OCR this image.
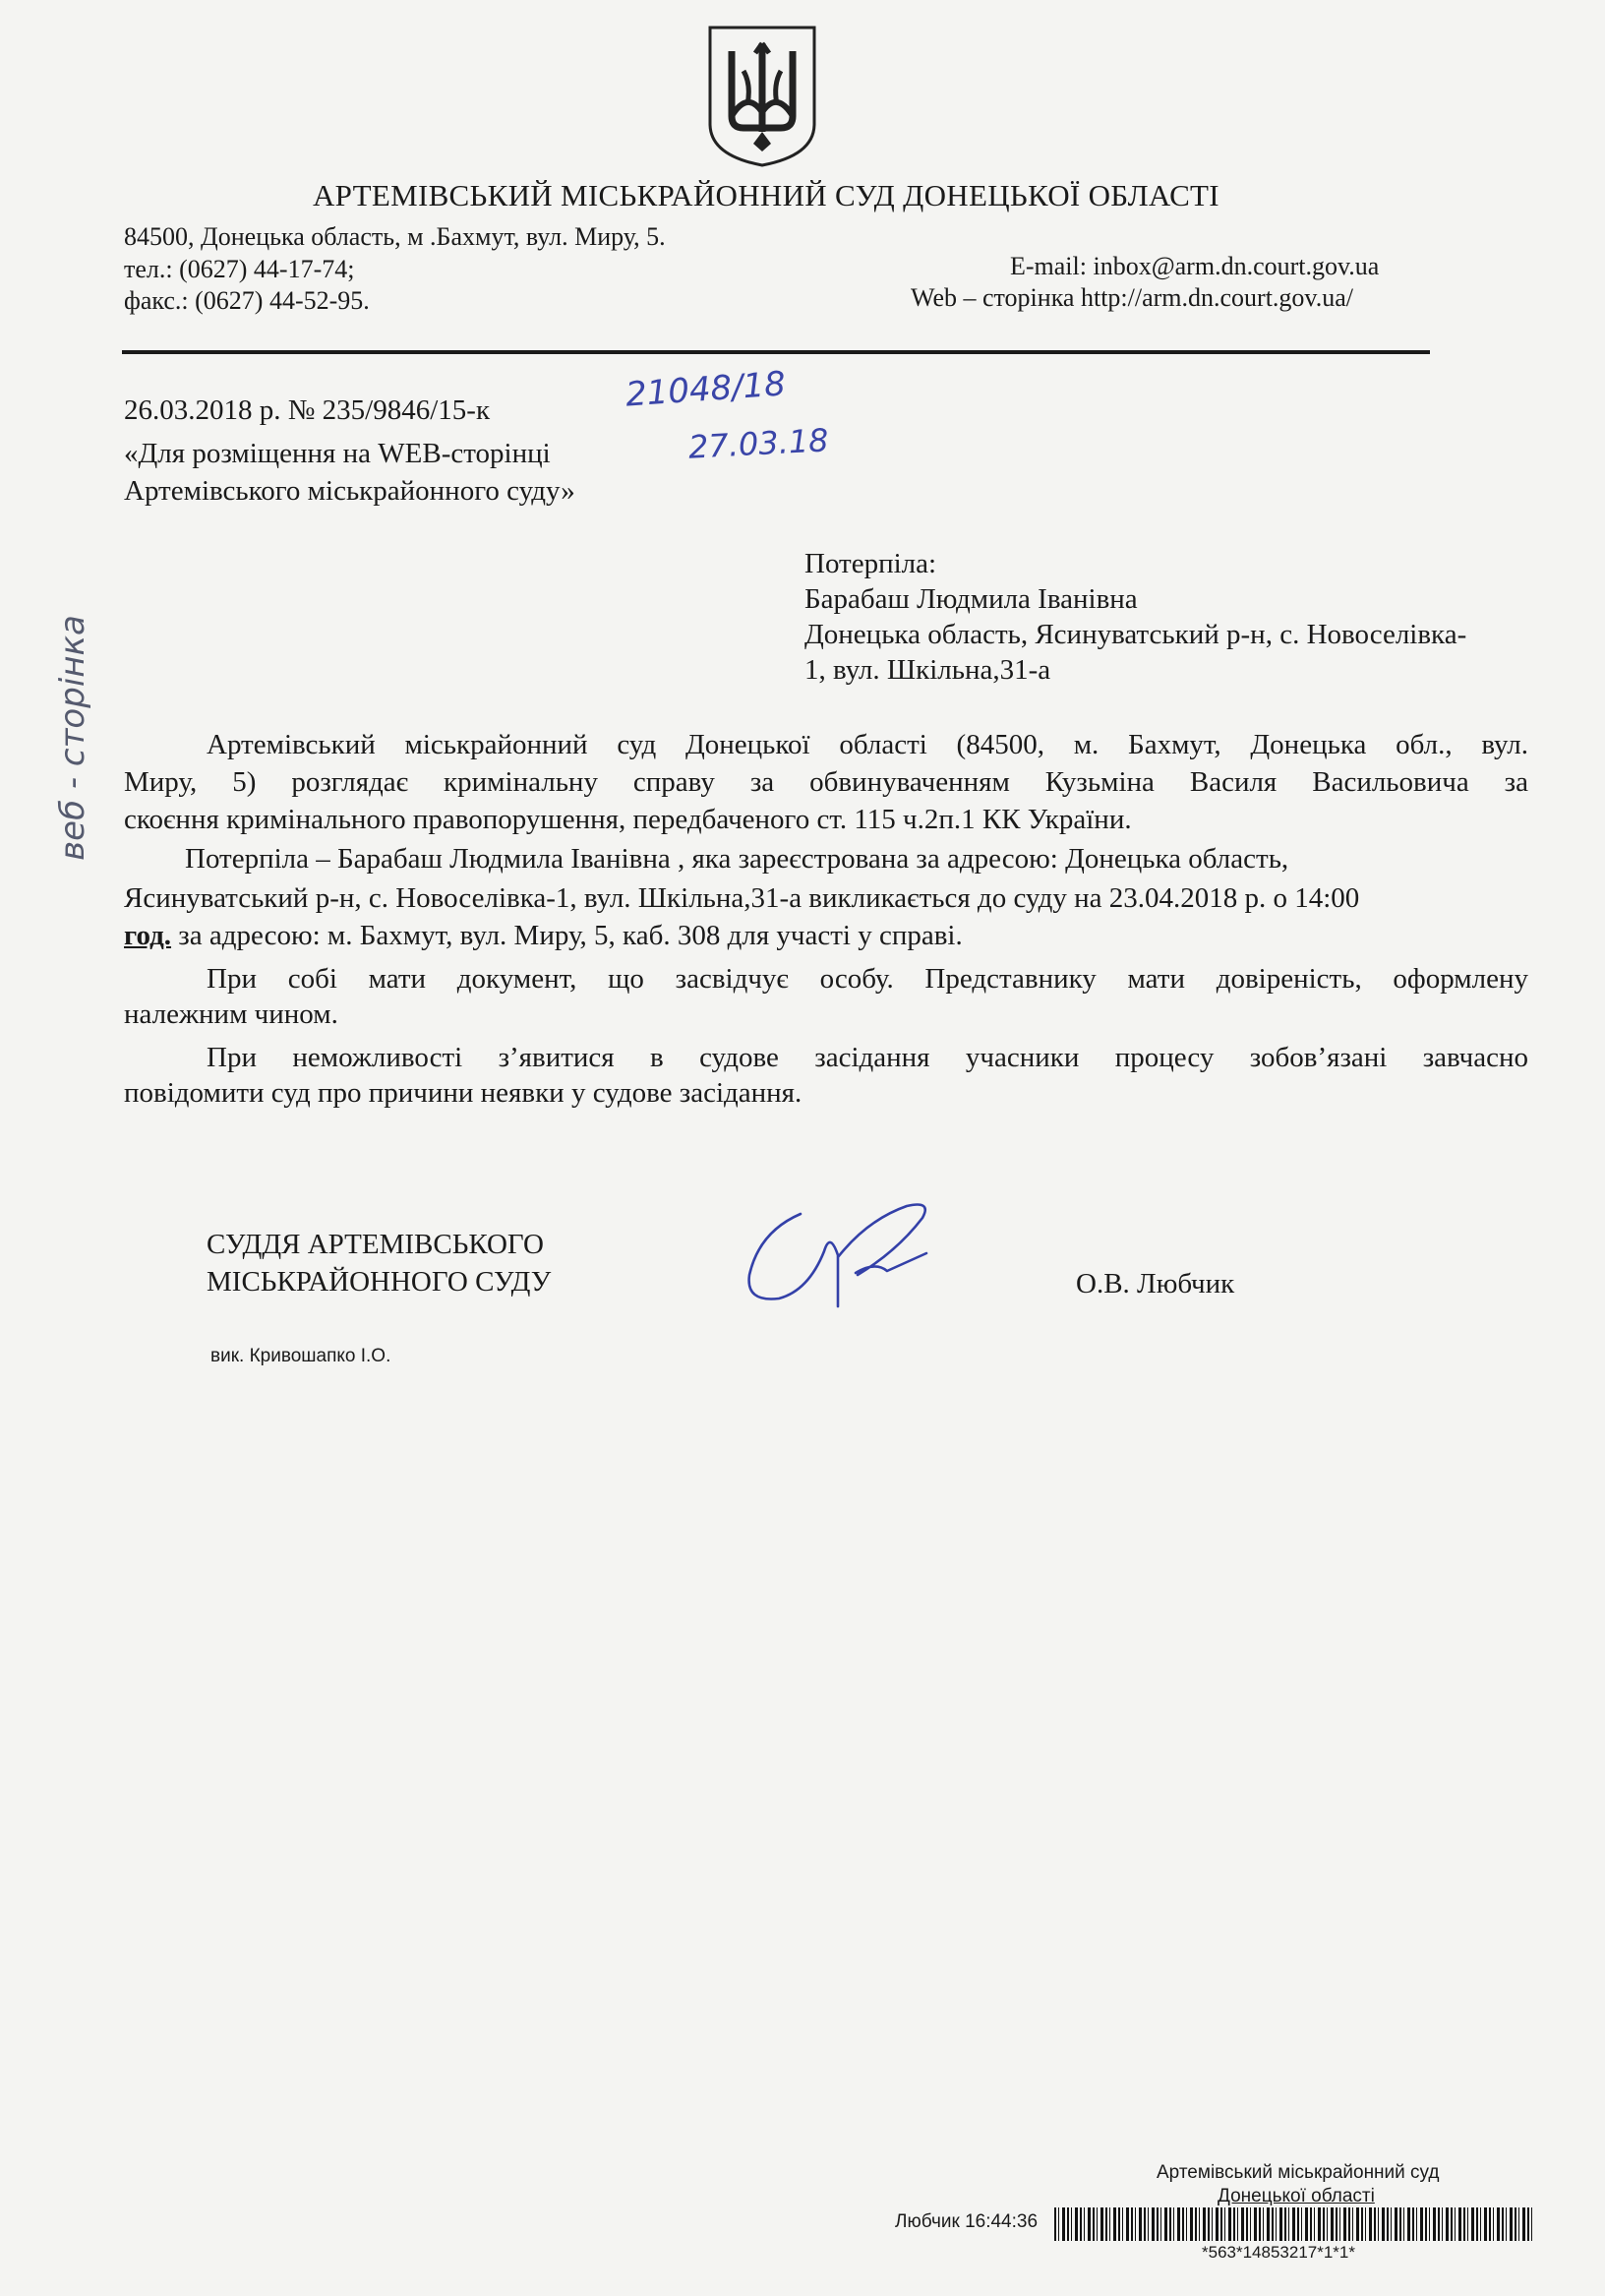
АРТЕМІВСЬКИЙ МІСЬКРАЙОННИЙ СУД ДОНЕЦЬКОЇ ОБЛАСТІ
84500, Донецька область, м .Бахмут, вул. Миру, 5.
тел.: (0627) 44-17-74;
факс.: (0627) 44-52-95.
E-mail: inbox@arm.dn.court.gov.ua
Web – сторінка http://arm.dn.court.gov.ua/
26.03.2018 р. № 235/9846/15-к
«Для розміщення на WEB-сторінці
Артемівського міськрайонного суду»
21048/18
27.03.18
веб - сторінка
Потерпіла:
Барабаш Людмила Іванівна
Донецька область, Ясинуватський р-н, с. Новоселівка-
1, вул. Шкільна,31-а
Артемівський міськрайонний суд Донецької області (84500, м. Бахмут, Донецька обл., вул.
Миру, 5) розглядає кримінальну справу за обвинуваченням Кузьміна Василя Васильовича за
скоєння кримінального правопорушення, передбаченого ст. 115 ч.2п.1 КК України.
Потерпіла – Барабаш Людмила Іванівна , яка зареєстрована за адресою: Донецька область,
Ясинуватський р-н, с. Новоселівка-1, вул. Шкільна,31-а викликається до суду на 23.04.2018 р. о 14:00
год. за адресою: м. Бахмут, вул. Миру, 5, каб. 308 для участі у справі.
При собі мати документ, що засвідчує особу. Представнику мати довіреність, оформлену
належним чином.
При неможливості з’явитися в судове засідання учасники процесу зобов’язані завчасно
повідомити суд про причини неявки у судове засідання.
СУДДЯ АРТЕМІВСЬКОГО
МІСЬКРАЙОННОГО СУДУ	О.В. Любчик
вик. Кривошапко І.О.
Артемівський міськрайонний суд
Донецької області
Любчик 16:44:36
*563*14853217*1*1*
